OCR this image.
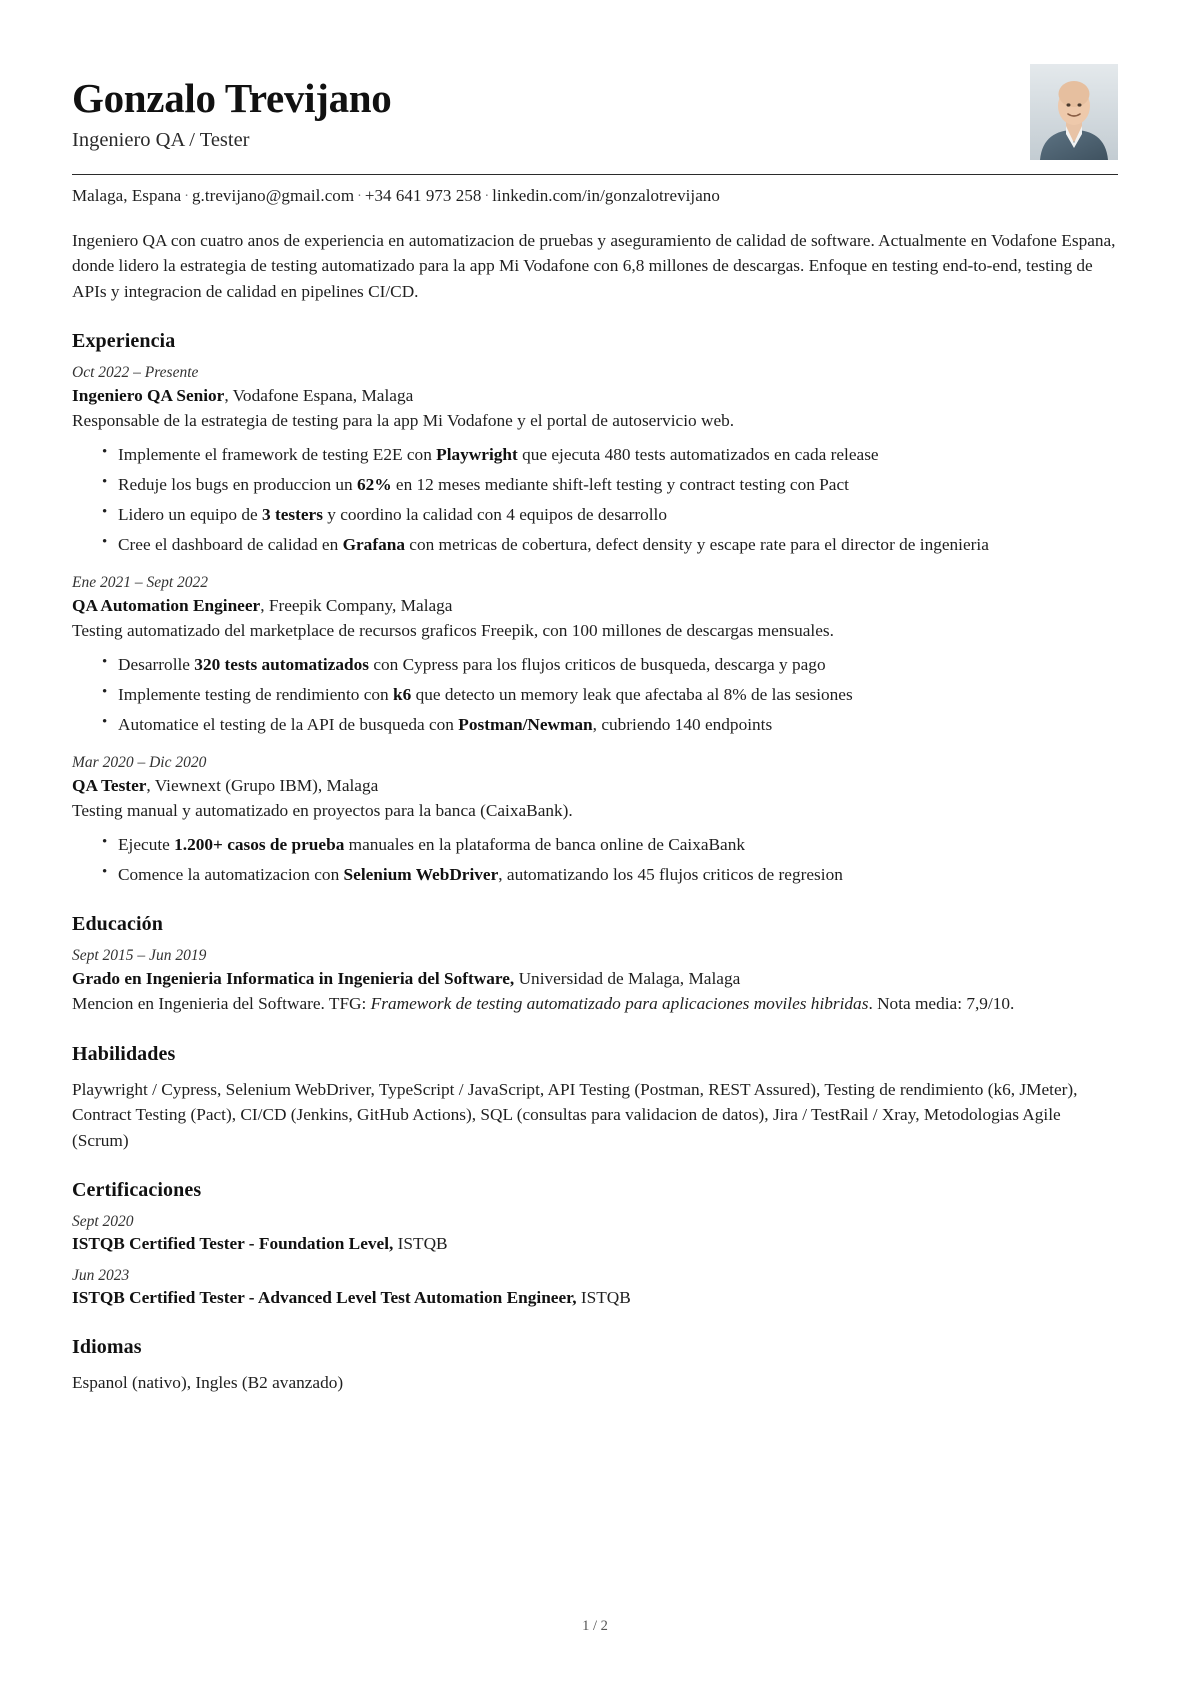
Gonzalo Trevijano
Ingeniero QA / Tester
Malaga, Espana · g.trevijano@gmail.com · +34 641 973 258 · linkedin.com/in/gonzalotrevijano
Ingeniero QA con cuatro anos de experiencia en automatizacion de pruebas y aseguramiento de calidad de software. Actualmente en Vodafone Espana, donde lidero la estrategia de testing automatizado para la app Mi Vodafone con 6,8 millones de descargas. Enfoque en testing end-to-end, testing de APIs y integracion de calidad en pipelines CI/CD.
Experiencia
Oct 2022 – Presente
Ingeniero QA Senior, Vodafone Espana, Malaga
Responsable de la estrategia de testing para la app Mi Vodafone y el portal de autoservicio web.
• Implemente el framework de testing E2E con Playwright que ejecuta 480 tests automatizados en cada release
• Reduje los bugs en produccion un 62% en 12 meses mediante shift-left testing y contract testing con Pact
• Lidero un equipo de 3 testers y coordino la calidad con 4 equipos de desarrollo
• Cree el dashboard de calidad en Grafana con metricas de cobertura, defect density y escape rate para el director de ingenieria
Ene 2021 – Sept 2022
QA Automation Engineer, Freepik Company, Malaga
Testing automatizado del marketplace de recursos graficos Freepik, con 100 millones de descargas mensuales.
• Desarrolle 320 tests automatizados con Cypress para los flujos criticos de busqueda, descarga y pago
• Implemente testing de rendimiento con k6 que detecto un memory leak que afectaba al 8% de las sesiones
• Automatice el testing de la API de busqueda con Postman/Newman, cubriendo 140 endpoints
Mar 2020 – Dic 2020
QA Tester, Viewnext (Grupo IBM), Malaga
Testing manual y automatizado en proyectos para la banca (CaixaBank).
• Ejecute 1.200+ casos de prueba manuales en la plataforma de banca online de CaixaBank
• Comence la automatizacion con Selenium WebDriver, automatizando los 45 flujos criticos de regresion
Educación
Sept 2015 – Jun 2019
Grado en Ingenieria Informatica in Ingenieria del Software, Universidad de Malaga, Malaga
Mencion en Ingenieria del Software. TFG: Framework de testing automatizado para aplicaciones moviles hibridas. Nota media: 7,9/10.
Habilidades
Playwright / Cypress, Selenium WebDriver, TypeScript / JavaScript, API Testing (Postman, REST Assured), Testing de rendimiento (k6, JMeter), Contract Testing (Pact), CI/CD (Jenkins, GitHub Actions), SQL (consultas para validacion de datos), Jira / TestRail / Xray, Metodologias Agile (Scrum)
Certificaciones
Sept 2020
ISTQB Certified Tester - Foundation Level, ISTQB
Jun 2023
ISTQB Certified Tester - Advanced Level Test Automation Engineer, ISTQB
Idiomas
Espanol (nativo), Ingles (B2 avanzado)
1 / 2
